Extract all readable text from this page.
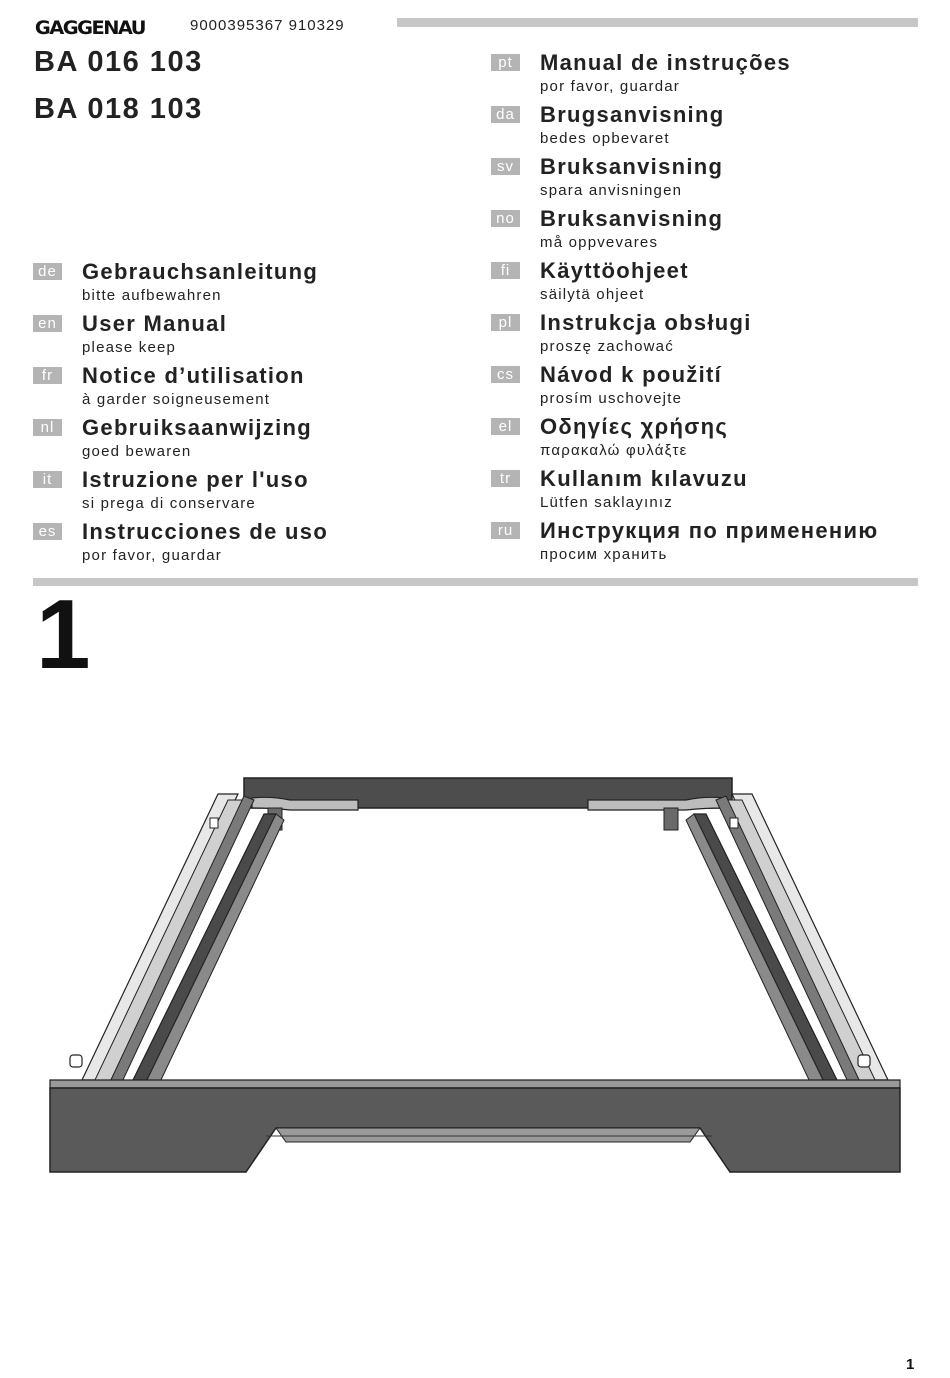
GAGGENAU	9000395367 910329
BA 016 103
BA 018 103
de Gebrauchsanleitung
bitte aufbewahren
en User Manual
please keep
fr	Notice d’utilisation
à garder soigneusement
nl	Gebruiksaanwijzing
goed bewaren
it	Istruzione per l'uso
si prega di conservare
es Instrucciones de uso
por favor, guardar
pt	Manual de instruções
por favor, guardar
da Brugsanvisning
bedes opbevaret
sv Bruksanvisning
spara anvisningen
no Bruksanvisning
må oppvevares
fi	Käyttöohjeet
säilytä ohjeet
pl	Instrukcja obsługi
proszę zachować
cs Návod k použití
prosím uschovejte
el	Οδηγίες χρήσης
παρακαλώ φυλάξτε
tr	Kullanım kılavuzu
Lütfen saklayınız
ru	Инструкция по применению
просим хранить
1
1
